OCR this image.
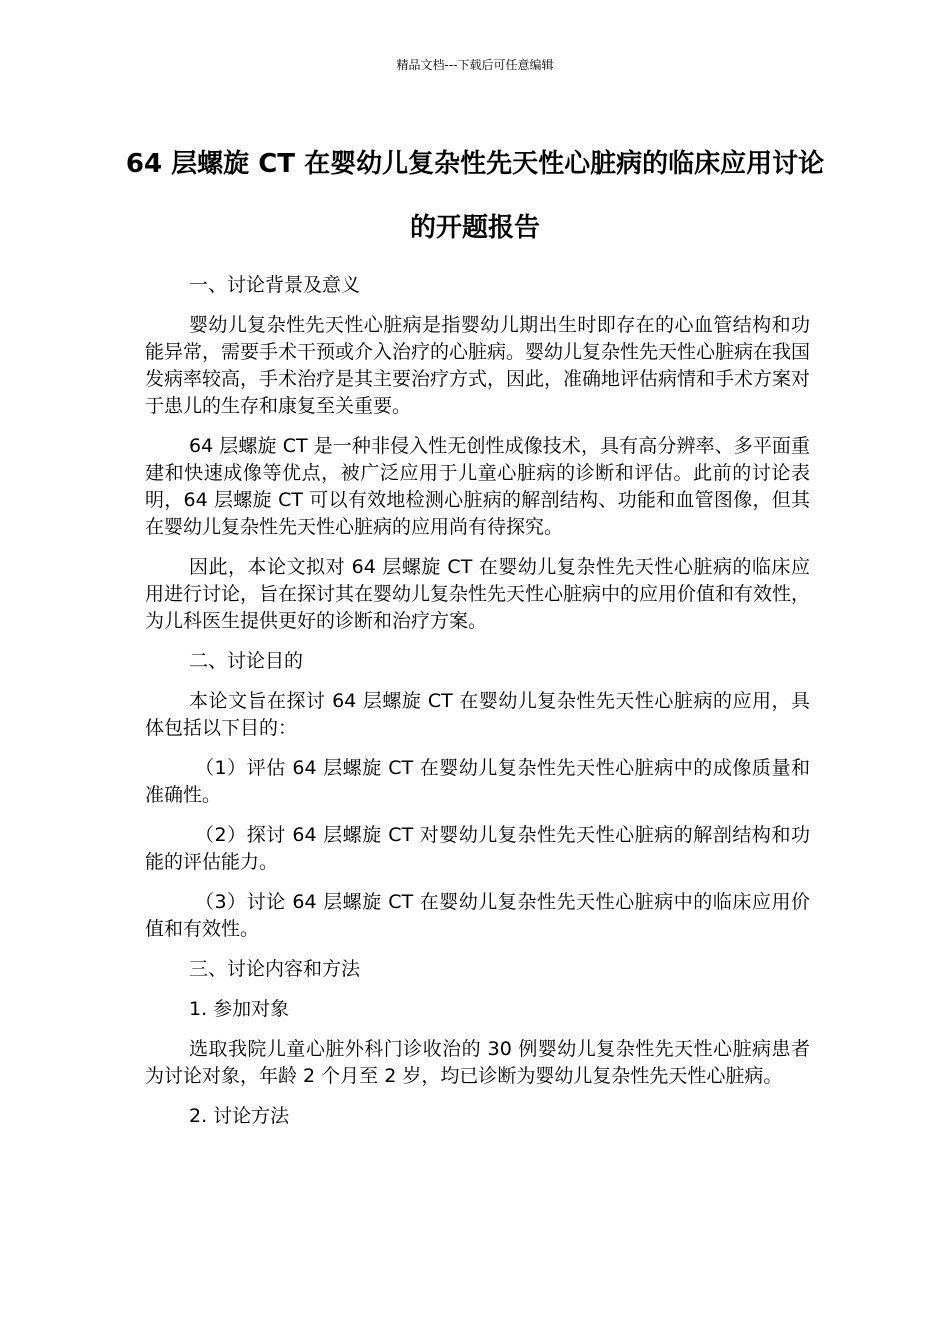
精品文档---下载后可任意编辑
64 层螺旋 CT 在婴幼儿复杂性先天性心脏病的临床应用讨论的开题报告

一、讨论背景及意义

婴幼儿复杂性先天性心脏病是指婴幼儿期出生时即存在的心血管结构和功能异常，需要手术干预或介入治疗的心脏病。婴幼儿复杂性先天性心脏病在我国发病率较高，手术治疗是其主要治疗方式，因此，准确地评估病情和手术方案对于患儿的生存和康复至关重要。

64 层螺旋 CT 是一种非侵入性无创性成像技术，具有高分辨率、多平面重建和快速成像等优点，被广泛应用于儿童心脏病的诊断和评估。此前的讨论表明，64 层螺旋 CT 可以有效地检测心脏病的解剖结构、功能和血管图像，但其在婴幼儿复杂性先天性心脏病的应用尚有待探究。

因此，本论文拟对 64 层螺旋 CT 在婴幼儿复杂性先天性心脏病的临床应用进行讨论，旨在探讨其在婴幼儿复杂性先天性心脏病中的应用价值和有效性，为儿科医生提供更好的诊断和治疗方案。

二、讨论目的

本论文旨在探讨 64 层螺旋 CT 在婴幼儿复杂性先天性心脏病的应用，具体包括以下目的：

（1）评估 64 层螺旋 CT 在婴幼儿复杂性先天性心脏病中的成像质量和准确性。

（2）探讨 64 层螺旋 CT 对婴幼儿复杂性先天性心脏病的解剖结构和功能的评估能力。

（3）讨论 64 层螺旋 CT 在婴幼儿复杂性先天性心脏病中的临床应用价值和有效性。

三、讨论内容和方法

1. 参加对象

选取我院儿童心脏外科门诊收治的 30 例婴幼儿复杂性先天性心脏病患者为讨论对象，年龄 2 个月至 2 岁，均已诊断为婴幼儿复杂性先天性心脏病。

2. 讨论方法
